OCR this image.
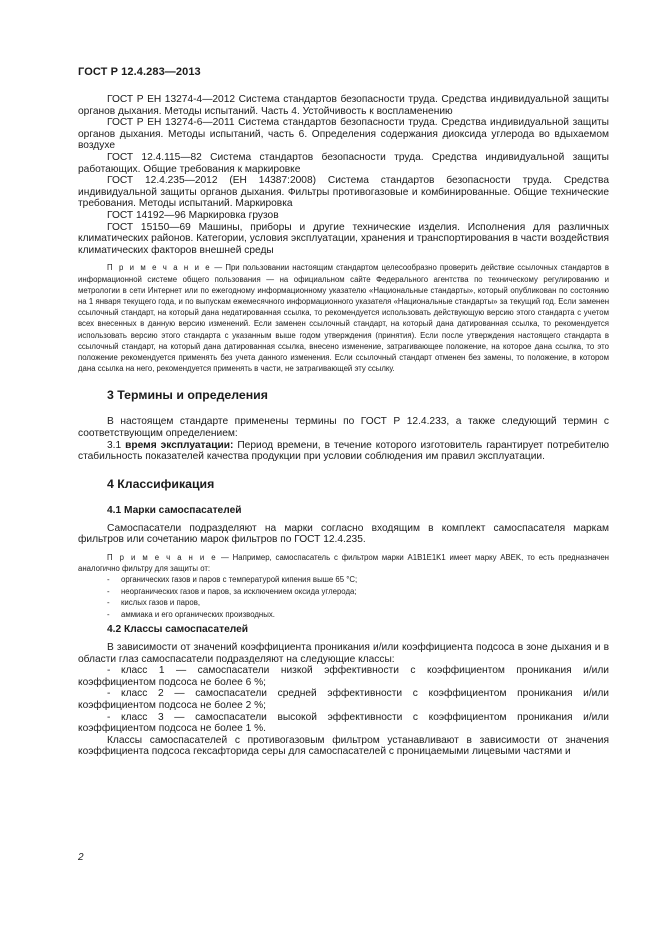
ГОСТ Р 12.4.283—2013

ГОСТ Р ЕН 13274-4—2012 Система стандартов безопасности труда. Средства индивидуальной защиты органов дыхания. Методы испытаний. Часть 4. Устойчивость к воспламенению

ГОСТ Р ЕН 13274-6—2011 Система стандартов безопасности труда. Средства индивидуальной защиты органов дыхания. Методы испытаний, часть 6. Определения содержания диоксида углерода во вдыхаемом воздухе

ГОСТ 12.4.115—82 Система стандартов безопасности труда. Средства индивидуальной защиты работающих. Общие требования к маркировке

ГОСТ 12.4.235—2012 (ЕН 14387:2008) Система стандартов безопасности труда. Средства индивидуальной защиты органов дыхания. Фильтры противогазовые и комбинированные. Общие технические требования. Методы испытаний. Маркировка

ГОСТ 14192—96 Маркировка грузов

ГОСТ 15150—69 Машины, приборы и другие технические изделия. Исполнения для различных климатических районов. Категории, условия эксплуатации, хранения и транспортирования в части воздействия климатических факторов внешней среды

П р и м е ч а н и е — При пользовании настоящим стандартом целесообразно проверить действие ссылочных стандартов в информационной системе общего пользования — на официальном сайте Федерального агентства по техническому регулированию и метрологии в сети Интернет или по ежегодному информационному указателю «Национальные стандарты», который опубликован по состоянию на 1 января текущего года, и по выпускам ежемесячного информационного указателя «Национальные стандарты» за текущий год. Если заменен ссылочный стандарт, на который дана недатированная ссылка, то рекомендуется использовать действующую версию этого стандарта с учетом всех внесенных в данную версию изменений. Если заменен ссылочный стандарт, на который дана датированная ссылка, то рекомендуется использовать версию этого стандарта с указанным выше годом утверждения (принятия). Если после утверждения настоящего стандарта в ссылочный стандарт, на который дана датированная ссылка, внесено изменение, затрагивающее положение, на которое дана ссылка, то это положение рекомендуется применять без учета данного изменения. Если ссылочный стандарт отменен без замены, то положение, в котором дана ссылка на него, рекомендуется применять в части, не затрагивающей эту ссылку.

3 Термины и определения

В настоящем стандарте применены термины по ГОСТ Р 12.4.233, а также следующий термин с соответствующим определением:

3.1 время эксплуатации: Период времени, в течение которого изготовитель гарантирует потребителю стабильность показателей качества продукции при условии соблюдения им правил эксплуатации.

4 Классификация
4.1 Марки самоспасателей

Самоспасатели подразделяют на марки согласно входящим в комплект самоспасателя маркам фильтров или сочетанию марок фильтров по ГОСТ 12.4.235.

П р и м е ч а н и е — Например, самоспасатель с фильтром марки A1B1E1K1 имеет марку ABEK, то есть предназначен аналогично фильтру для защиты от:

- органических газов и паров с температурой кипения выше 65 °С;
- неорганических газов и паров, за исключением оксида углерода;
- кислых газов и паров,
- аммиака и его органических производных.
4.2 Классы самоспасателей

В зависимости от значений коэффициента проникания и/или коэффициента подсоса в зоне дыхания и в области глаз самоспасатели подразделяют на следующие классы:

- класс 1 — самоспасатели низкой эффективности с коэффициентом проникания и/или коэффициентом подсоса не более 6 %;

- класс 2 — самоспасатели средней эффективности с коэффициентом проникания и/или коэффициентом подсоса не более 2 %;

- класс 3 — самоспасатели высокой эффективности с коэффициентом проникания и/или коэффициентом подсоса не более 1 %.

Классы самоспасателей с противогазовым фильтром устанавливают в зависимости от значения коэффициента подсоса гексафторида серы для самоспасателей с проницаемыми лицевыми частями и

2
